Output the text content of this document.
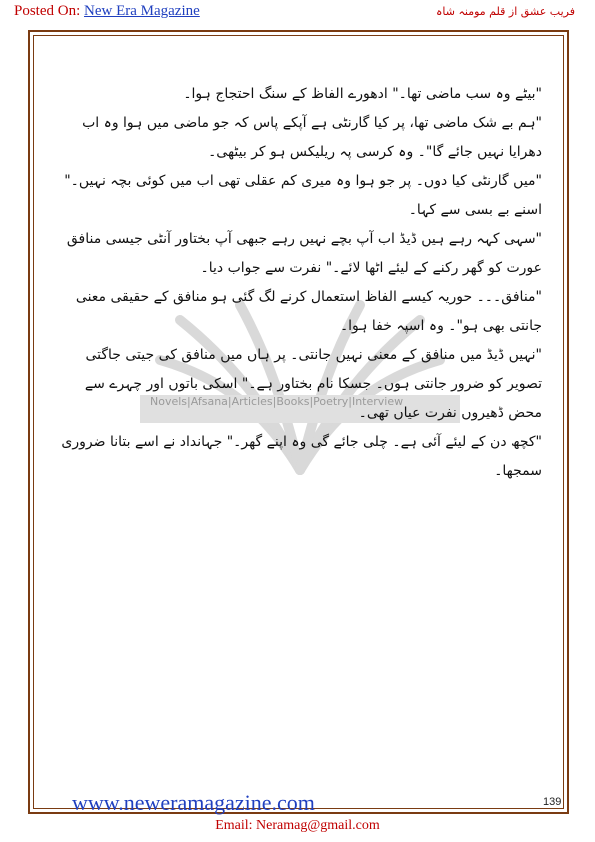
Posted On: New Era Magazine	فریب عشق از قلم مومنہ شاہ
Novels|Afsana|Articles|Books|Poetry|Interview

"بیٹے وہ سب ماضی تھا۔" ادھورے الفاظ کے سنگ احتجاج ہوا۔

"ہم بے شک ماضی تھا، پر کیا گارنٹی ہے آپکے پاس کہ جو ماضی میں ہوا وہ اب دھرایا نہیں جائے گا"۔ وہ کرسی پہ ریلیکس ہو کر بیٹھی۔

"میں گارنٹی کیا دوں۔ پر جو ہوا وہ میری کم عقلی تھی اب میں کوئی بچہ نہیں۔" اسنے بے بسی سے کہا۔

"سہی کہہ رہے ہیں ڈیڈ اب آپ بچے نہیں رہے جبھی آپ بختاور آنٹی جیسی منافق عورت کو گھر رکنے کے لیئے اٹھا لائے۔" نفرت سے جواب دیا۔

"منافق۔۔۔ حوریہ کیسے الفاظ استعمال کرنے لگ گئی ہو منافق کے حقیقی معنی جانتی بھی ہو"۔ وہ اسپہ خفا ہوا۔

"نہیں ڈیڈ میں منافق کے معنی نہیں جانتی۔ پر ہاں میں منافق کی جیتی جاگتی تصویر کو ضرور جانتی ہوں۔ جسکا نام بختاور ہے۔" اسکی باتوں اور چہرے سے محض ڈھیروں نفرت عیاں تھی۔

"کچھ دن کے لیئے آئی ہے۔ چلی جائے گی وہ اپنے گھر۔" جہانداد نے اسے بتانا ضروری سمجھا۔

www.neweramagazine.com	139
Email: Neramag@gmail.com
